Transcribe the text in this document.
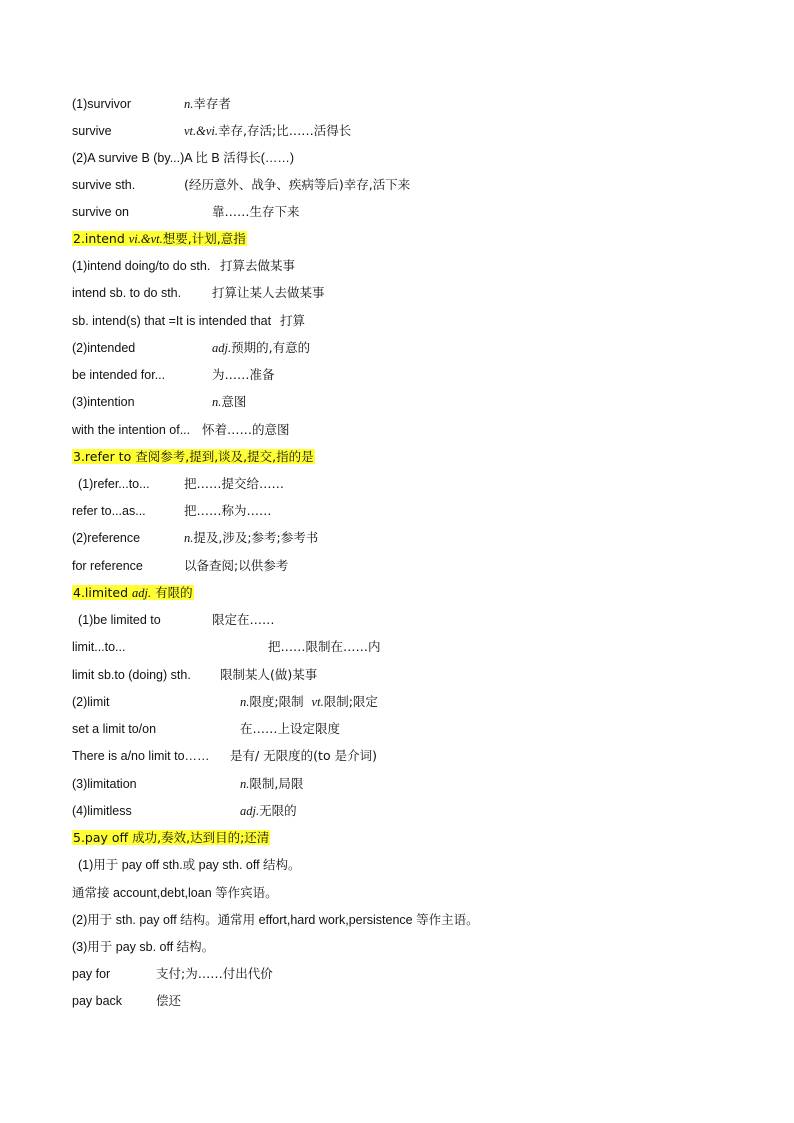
(1)survivor	n.幸存者
survive	vt.&vi.幸存,存活;比……活得长
(2)A survive B (by...)A 比 B 活得长(……)
survive sth.	(经历意外、战争、疾病等后)幸存,活下来
survive on	靠……生存下来
2.intend vi.&vt.想要,计划,意指
(1)intend doing/to do sth. 打算去做某事
intend sb. to do sth. 打算让某人去做某事
sb. intend(s) that =It is intended that 打算
(2)intended	adj.预期的,有意的
be intended for...	为……准备
(3)intention	n.意图
with the intention of... 怀着……的意图
3.refer to 查阅参考,提到,谈及,提交,指的是
(1)refer...to...	把……提交给……
refer to...as...	把……称为……
(2)reference	n.提及,涉及;参考;参考书
for reference	以备查阅;以供参考
4.limited adj. 有限的
(1)be limited to	限定在……
limit...to...	把……限制在……内
limit sb.to (doing) sth. 限制某人(做)某事
(2)limit	n.限度;限制 vt.限制;限定
set a limit to/on	在……上设定限度
There is a/no limit to…… 是有/ 无限度的(to 是介词)
(3)limitation	n.限制,局限
(4)limitless	adj.无限的
5.pay off 成功,奏效,达到目的;还清
(1)用于 pay off sth.或 pay sth. off 结构。
通常接 account,debt,loan 等作宾语。
(2)用于 sth. pay off 结构。通常用 effort,hard work,persistence 等作主语。
(3)用于 pay sb. off 结构。
pay for	支付;为……付出代价
pay back	偿还
